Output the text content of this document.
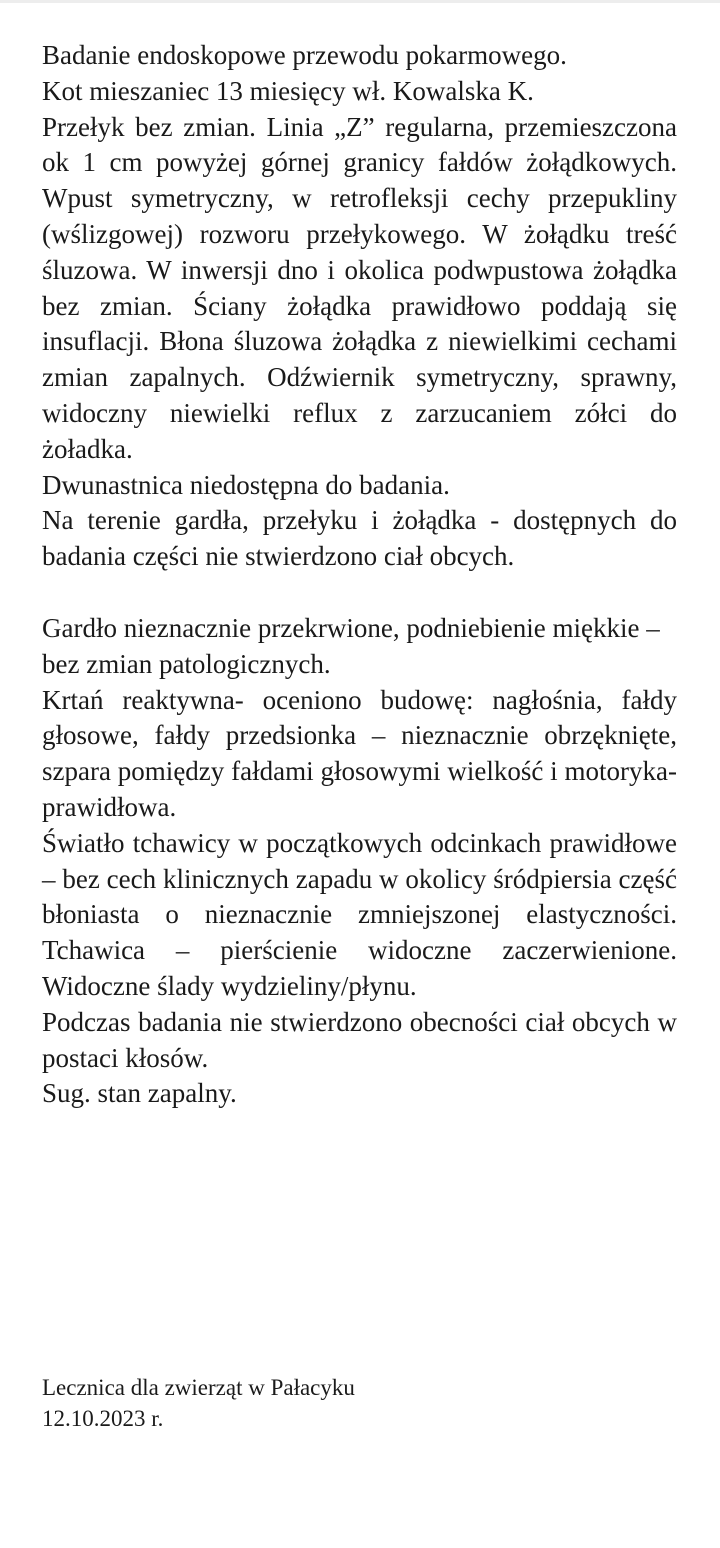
Badanie endoskopowe przewodu pokarmowego.

Kot mieszaniec 13 miesięcy wł. Kowalska K.

Przełyk bez zmian. Linia „Z” regularna, przemieszczona ok 1 cm powyżej górnej granicy fałdów żołądkowych. Wpust symetryczny, w retrofleksji cechy przepukliny (wślizgowej) rozworu przełykowego. W żołądku treść śluzowa. W inwersji dno i okolica podwpustowa żołądka bez zmian. Ściany żołądka prawidłowo poddają się insuflacji. Błona śluzowa żołądka z niewielkimi cechami zmian zapalnych. Odźwiernik symetryczny, sprawny, widoczny niewielki reflux z zarzucaniem zółci do żoładka.

Dwunastnica niedostępna do badania.

Na terenie gardła, przełyku i żołądka - dostępnych do badania części nie stwierdzono ciał obcych.

Gardło nieznacznie przekrwione, podniebienie miękkie –bez zmian patologicznych.

Krtań reaktywna- oceniono budowę: nagłośnia, fałdy głosowe, fałdy przedsionka – nieznacznie obrzęknięte, szpara pomiędzy fałdami głosowymi wielkość i motoryka- prawidłowa.

Światło tchawicy w początkowych odcinkach prawidłowe – bez cech klinicznych zapadu w okolicy śródpiersia część błoniasta o nieznacznie zmniejszonej elastyczności. Tchawica – pierścienie widoczne zaczerwienione. Widoczne ślady wydzieliny/płynu.

Podczas badania nie stwierdzono obecności ciał obcych w postaci kłosów.

Sug. stan zapalny.

Lecznica dla zwierząt w Pałacyku

12.10.2023 r.
